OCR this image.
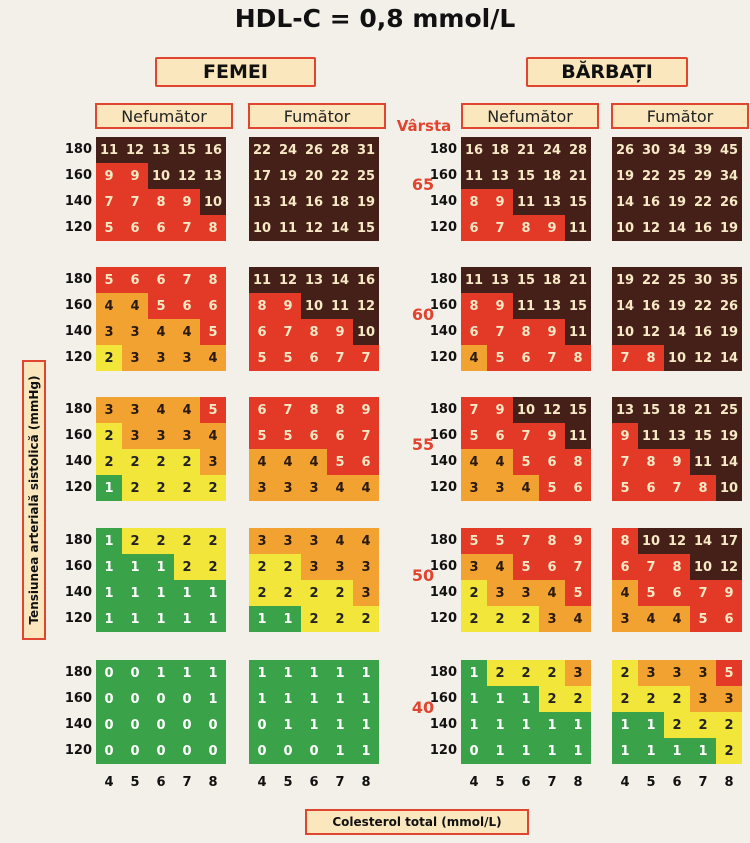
HDL-C = 0,8 mmol/L
FEMEI	BĂRBAȚI
Nefumător	Fumător	Nefumător	Fumător
Vârsta
Tensiunea arterială sistolică (mmHg)
Colesterol total (mmol/L)
65
180
160
140
120
180
160
140
120
11 12 13 15 16
9	9 10 12 13
7	7	8	9 10
5	6	6	7	8
22 24 26 28 31
17 19 20 22 25
13 14 16 18 19
10 11 12 14 15
16 18 21 24 28
11 13 15 18 21
8	9 11 13 15
6	7	8	9 11
26 30 34 39 45
19 22 25 29 34
14 16 19 22 26
10 12 14 16 19
60
180
160
140
120
180
160
140
120
5	6	6	7	8
4	4	5	6	6
3	3	4	4	5
2	3	3	3	4
11 12 13 14 16
8	9 10 11 12
6	7	8	9 10
5	5	6	7	7
11 13 15 18 21
8	9 11 13 15
6	7	8	9 11
4	5	6	7	8
19 22 25 30 35
14 16 19 22 26
10 12 14 16 19
7	8 10 12 14
55
180
160
140
120
180
160
140
120
3	3	4	4	5
2	3	3	3	4
2	2	2	2	3
1	2	2	2	2
6	7	8	8	9
5	5	6	6	7
4	4	4	5	6
3	3	3	4	4
7	9 10 12 15
5	6	7	9 11
4	4	5	6	8
3	3	4	5	6
13 15 18 21 25
9 11 13 15 19
7	8	9 11 14
5	6	7	8 10
50
180
160
140
120
180
160
140
120
1	2	2	2	2
1	1	1	2	2
1	1	1	1	1
1	1	1	1	1
3	3	3	4	4
2	2	3	3	3
2	2	2	2	3
1	1	2	2	2
5	5	7	8	9
3	4	5	6	7
2	3	3	4	5
2	2	2	3	4
8 10 12 14 17
6	7	8 10 12
4	5	6	7	9
3	4	4	5	6
40
180
160
140
120
180
160
140
120
0	0	1	1	1
0	0	0	0	1
0	0	0	0	0
0	0	0	0	0
1	1	1	1	1
1	1	1	1	1
0	1	1	1	1
0	0	0	1	1
1	2	2	2	3
1	1	1	2	2
1	1	1	1	1
0	1	1	1	1
2	3	3	3	5
2	2	2	3	3
1	1	2	2	2
1	1	1	1	2
4	5	6	7	8	4	5	6	7	8	4	5	6	7	8	4	5	6	7	8
